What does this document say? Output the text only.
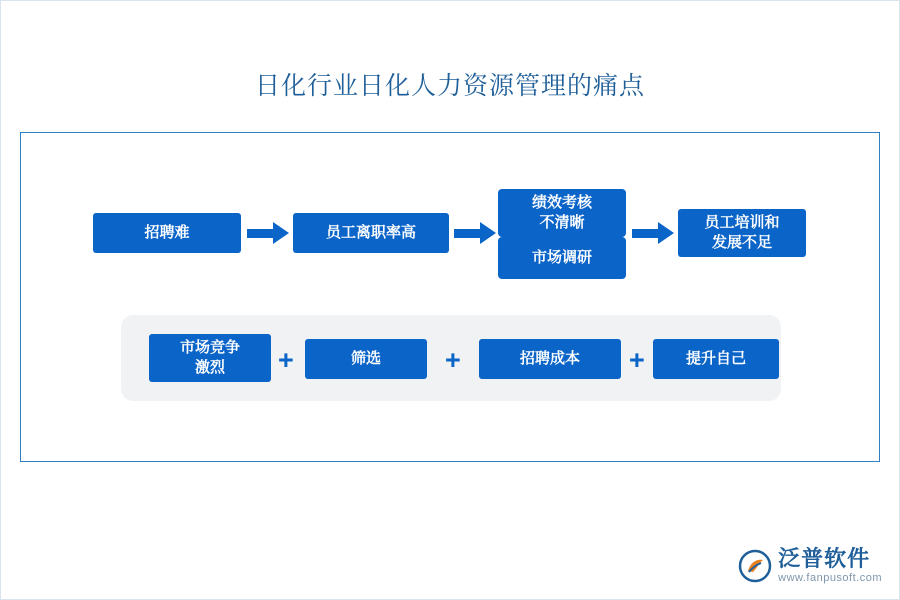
日化行业日化人力资源管理的痛点
招聘难	员工离职率高
绩效考核
不清晰
市场调研
员工培训和
发展不足
市场竞争
激烈	+	筛选 +	招聘成本 +	提升自己
泛普软件
www.fanpusoft.com
